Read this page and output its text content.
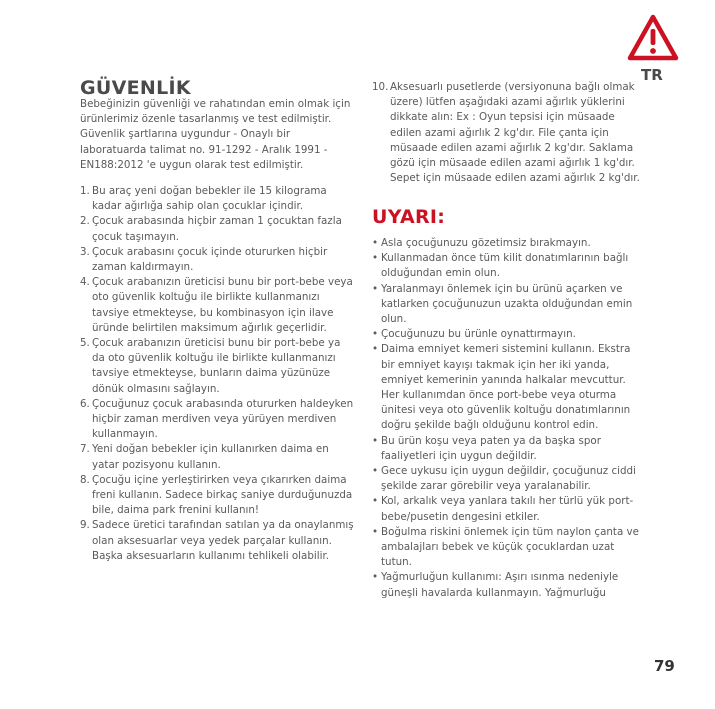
TR
GÜVENLİK

Bebeğinizin güvenliği ve rahatından emin olmak için ürünlerimiz özenle tasarlanmış ve test edilmiştir. Güvenlik şartlarına uygundur - Onaylı bir laboratuarda talimat no. 91-1292 - Aralık 1991 - EN188:2012 'e uygun olarak test edilmiştir.

1. Bu araç yeni doğan bebekler ile 15 kilograma kadar ağırlığa sahip olan çocuklar içindir.
2. Çocuk arabasında hiçbir zaman 1 çocuktan fazla çocuk taşımayın.
3. Çocuk arabasını çocuk içinde otururken hiçbir zaman kaldırmayın.
4. Çocuk arabanızın üreticisi bunu bir port-bebe veya oto güvenlik koltuğu ile birlikte kullanmanızı tavsiye etmekteyse, bu kombinasyon için ilave üründe belirtilen maksimum ağırlık geçerlidir.
5. Çocuk arabanızın üreticisi bunu bir port-bebe ya da oto güvenlik koltuğu ile birlikte kullanmanızı tavsiye etmekteyse, bunların daima yüzünüze dönük olmasını sağlayın.
6. Çocuğunuz çocuk arabasında otururken haldeyken hiçbir zaman merdiven veya yürüyen merdiven kullanmayın.
7. Yeni doğan bebekler için kullanırken daima en yatar pozisyonu kullanın.
8. Çocuğu içine yerleştirirken veya çıkarırken daima freni kullanın. Sadece birkaç saniye durduğunuzda bile, daima park frenini kullanın!
9. Sadece üretici tarafından satılan ya da onaylanmış olan aksesuarlar veya yedek parçalar kullanın. Başka aksesuarların kullanımı tehlikeli olabilir.
10. Aksesuarlı pusetlerde (versiyonuna bağlı olmak üzere) lütfen aşağıdaki azami ağırlık yüklerini dikkate alın: Ex : Oyun tepsisi için müsaade edilen azami ağırlık 2 kg'dır. File çanta için müsaade edilen azami ağırlık 2 kg'dır. Saklama gözü için müsaade edilen azami ağırlık 1 kg'dır. Sepet için müsaade edilen azami ağırlık 2 kg'dır.
UYARI:
• Asla çocuğunuzu gözetimsiz bırakmayın.
• Kullanmadan önce tüm kilit donatımlarının bağlı olduğundan emin olun.
• Yaralanmayı önlemek için bu ürünü açarken ve katlarken çocuğunuzun uzakta olduğundan emin olun.
• Çocuğunuzu bu ürünle oynattırmayın.
• Daima emniyet kemeri sistemini kullanın. Ekstra bir emniyet kayışı takmak için her iki yanda, emniyet kemerinin yanında halkalar mevcuttur. Her kullanımdan önce port-bebe veya oturma ünitesi veya oto güvenlik koltuğu donatımlarının doğru şekilde bağlı olduğunu kontrol edin.
• Bu ürün koşu veya paten ya da başka spor faaliyetleri için uygun değildir.
• Gece uykusu için uygun değildir, çocuğunuz ciddi şekilde zarar görebilir veya yaralanabilir.
• Kol, arkalık veya yanlara takılı her türlü yük port-bebe/pusetin dengesini etkiler.
• Boğulma riskini önlemek için tüm naylon çanta ve ambalajları bebek ve küçük çocuklardan uzat tutun.
• Yağmurluğun kullanımı: Aşırı ısınma nedeniyle güneşli havalarda kullanmayın. Yağmurluğu
79
